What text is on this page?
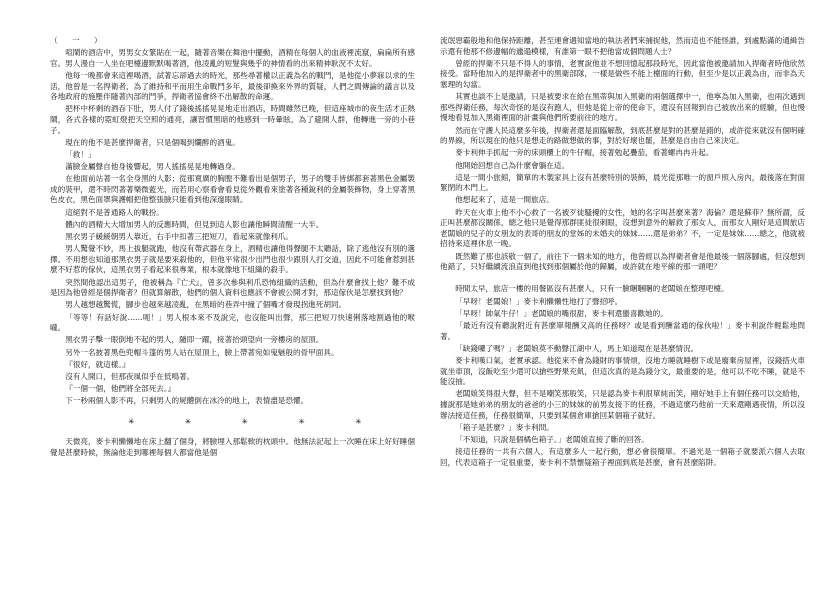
（ 一 ）

喧鬧的酒店中，男男女女緊貼在一起，隨著音樂在舞池中擺動，酒精在每個人的血液裡流竄，扁扁所有感官。男人漫自一人坐在吧檯邊默默喝著酒，他凌亂的短髮與幾乎的神情看的出來精神耿況不太好。

他每一晚都會來這裡喝酒，試著忘卻過去的時光，那些尋著權以正義為名的戰鬥，是他從小夢寐以求的生活，他曾是一名捍衛者，為了維持和平而用生命戰鬥多年，最後卻換來外界的質疑，人們之間傳論的議言以及各地政府的施壓伴隨著內部的鬥爭，捍衛者協會終不出解散的命運。

把杯中杯剩的酒吞下肚，男人付了錢後搖搖晃晃地走出酒店，時間雖然已晚，但這座城市的夜生活才正熱鬧，各式各樣的霓虹燈把天空照的通亮，讓習慣黑暗的他感到一時暈眩，為了避開人群，他轉進一旁的小巷子。

現在的他不是甚麼捍衛者，只是個喝到爛醉的酒鬼。

「救！」

滿臉金屬聲自他身後響起，男人搖搖晃晃地轉過身。

在他面前站著一名全身黑的人影；從那寬廣的胸膛不難看出是個男子，男子的雙手皆綁都套著黑色金屬製成的裝甲，還不時閃著著樂微藍光，而若用心察看會看見從外觀看來塗著各種銳利的金屬裝飾物，身上穿著黑色皮衣，黑色面罩與護帽把他整張臉只能看到他深邃眼睛。

這絕對不是普通路人的戰扮。

體內的酒精大大增加男人的反應時間，但見到這人影也讓他瞬間清醒一大半。

黑衣男子緩緩朝男人靠近，右手中扣著三把短刀，看起來就像利爪。

男人驚覺不妙，馬上拔腿就跑，他沒有帶武器在身上，酒精也讓他得聲腿不太聽話，除了逃他沒有別的選擇。不用想也知道那黑衣男子就是要來殺他的，但他平常很少出門也很少跟別人打交道，因此不可能會惹到甚麼不好惹的傢伙，這黑衣男子看起來很專業，根本就像地下組織的殺手。

突然間他認出這男子，他被稱為『亡犬』，曾多次參與利爪恐怖組織的活動，但為什麼會找上他？難不成是因為他曾經是個捍衛者？但就算解散，他們的個人資料也應該不會被公開才對，那這傢伙是怎麼找到他？

男人越想越驚慌，腳步也越來越凌亂，在黑暗的巷弄中撞了個嘴才發現拐進死胡同。

「等等！有話好說……呃！」男人根本來不及說完，也沒能叫出聲，那三把短刀快速俐落地割過他的喉嚨。

黑衣男子擊一眼倒地不起的男人，隨即一躍，接著抬頭望向一旁樓房的屋頂。

另外一名披著黑色兜帽斗篷的男人站在屋頂上，臉上帶著宛如鬼魅般的骨甲面具。

『很好，就這樣。』

沒有人開口，但那夜風似乎在低鳴著。

『一個一個，他們將全部死去。』

下一秒兩個人影不再，只剩男人的屍體倒在冰冷的地上，表情盡是恐懼。

✳ ✳ ✳ ✳ ✳

天微亮，麥卡利懶懶地在床上翻了個身，將臉埋入那鬆軟的枕頭中。他無法記起上一次睡在床上好好睡個覺是甚麼時候，無論他走到哪裡每個人都當他是個

流氓惡霸般地和他保持距離，甚至連會遇知當地的執法者們來捕捉他，然而這也不能怪誰，到處點滿的通緝告示還有他那不修邊幅的邋遢模樣，有誰第一眼不把他當成個問題人士？

曾經的捍衛不只是不得人的事情，老實說他並不想回憶起那段時光，因此當他被邀請加入捍衛者時他欣然接受。當時他加入的是捍衛者中的黑衛部隊，一樣是做些不能上檯面的行動，但至少是以正義為由，而非為天塞理的勾當。

其實也談不上是邀請，只是被要求在給在黑蒂與加入黑衛的兩個選擇中一，他寧為加入黑衛，也兩次遇到那些捍衛任務，每次奇怪的是沒有跑人，但他是從上帝的使命下，還沒有回報到自己被放出來的經驗，但也慢慢地看見加入黑衛裡面的計畫與他們所要前往的地方。

然而在守護人民這麼多年後，捍衛者還是面臨解散，到底甚麼是對的甚麼是錯的，或許從來就沒有個明確的界線，所以現在的他只是想走的路做想做的事，對於好壞也罷，甚麼是自由自己來決定。

麥卡利伸手抓起一旁的床頭櫃上的牛仔帽，接著勉起疊茄，看著螺冉冉升起。

他開始回想自己為什麼會躺在這。

這是一間小旅館，簡單的木製家具上沒有甚麼特別的裝飾，晨光從那唯一的窗戶照入房內，最後落在對面緊閉的木門上。

他想起來了，這是一間旅店。

昨天在火車上他不小心救了一名被歹徒騷擾的女性，她的名字叫甚麼來著？海倫？還是蘇菲？無所謂，反正叫甚麼都沒關係，總之他只是覺得那群匪徒很刺眼，沒想到意外的解救了那女人，而那女人剛好是這間旅店老闆娘的兒子的女朋友的表哥的朋友的堂姊的未婚夫的妹妹……還是弟弟？不，一定是妹妹……總之，他就被招待來這裡休息一晚。

既然難了那也該敬一個了，前往下一個未知的地方，他曾經以為捍衛者會是他最後一個落腳處，但沒想到他錯了，只好繼續流浪直到他找到那個屬於他的歸屬，或許就在地平線的那一頭吧？

時間太早，旅店一樓的用餐區沒有甚麼人，只有一臉睏睏睏的老闆娘在整理吧檯。

「早呀！老闆娘！」麥卡利懶懶性地打了聲招呼。

「早呀！帥氣牛仔！」老闆娘的嘴很甜，麥卡利還蠻喜歡她的。

「最近有沒有聽說附近有甚麼單報酬又高的任務呀？或是看到酬當通的傢伙啦！」麥卡利說作輕鬆地問著。

「缺錢囉了嗎？」老闆娘莫不動聲江湖中人，馬上知道現在是甚麼情況。

麥卡利嘆口氣，老實承認。他從來不會為錢財的事情煩，沒地方睡就睡樹下或是廢棄房屋裡，沒錢搭火車就坐車頂，沒飯吃至少還可以搶些野果充飢，但這次真的是為錢分文，最重要的是，他可以不吃不睡，就是不能沒抽。

老闆娘笑得很大聲，但不是嘲笑那般笑，只是認為麥卡利很單純而笑，剛好她手上有個任務可以交給他，據說那是她弟弟的朋友的爸爸的小三的妹妹的前男友接下的任務，不過這麼巧他前一天來還剛遇夜情，所以沒辦法接這任務，任務很簡單，只要到某個倉庫搶回某個箱子就好。

「箱子是甚麼？」麥卡利問。

「不知道，只說是個橘色箱子。」老闆娘直接了斷的回答。

接這任務的一共有六個人，有這麼多人一起行動，想必會很簡單。不過光是一個箱子就要派六個人去取回，代表這箱子一定很重要，麥卡利不禁懷疑箱子裡面到底是甚麼，會有甚麼陷阱。
